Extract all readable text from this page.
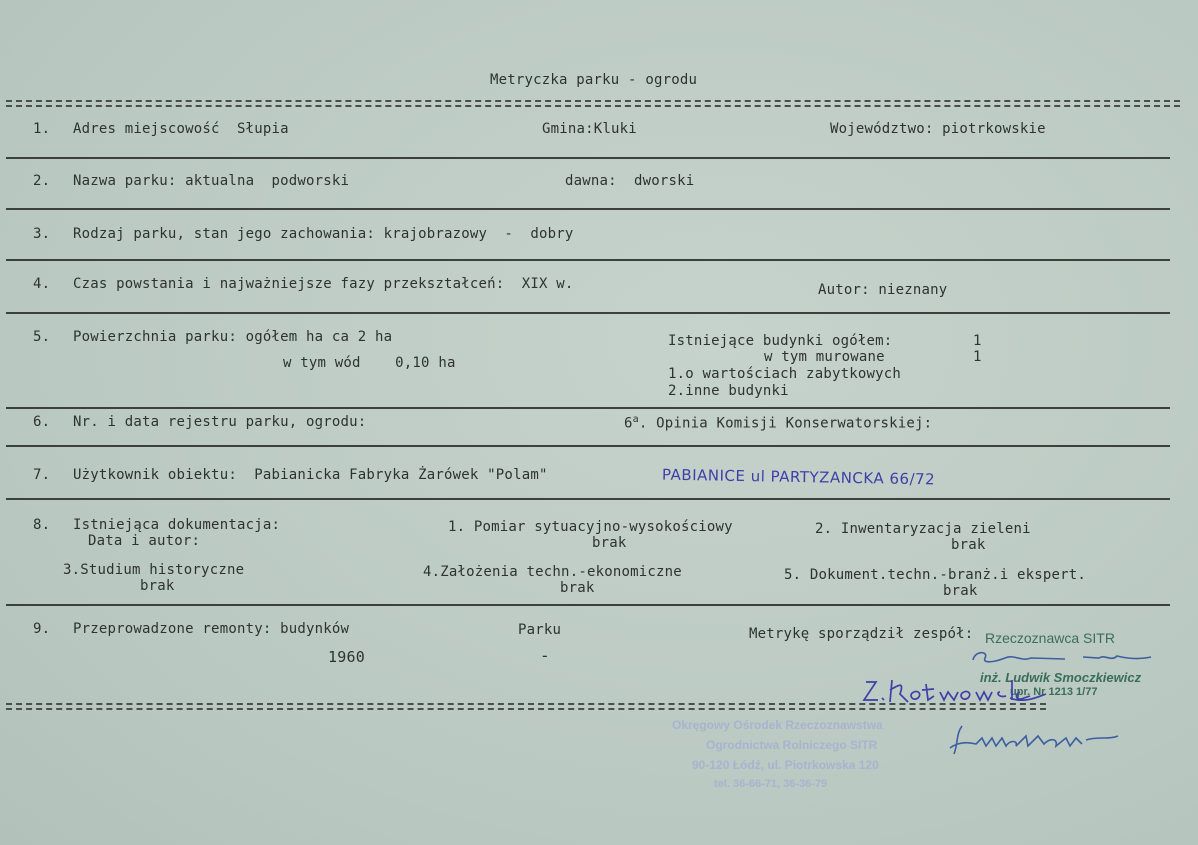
Metryczka parku - ogrodu
1. Adres miejscowość  Słupia	Gmina:Kluki	Województwo: piotrkowskie
2. Nazwa parku: aktualna  podworski	dawna:  dworski
3. Rodzaj parku, stan jego zachowania: krajobrazowy  -  dobry
4. Czas powstania i najważniejsze fazy przekształceń:  XIX w.	Autor: nieznany
5. Powierzchnia parku: ogółem ha ca 2 ha
w tym wód    0,10 ha
Istniejące budynki ogółem:	1
w tym murowane	1
1.o wartościach zabytkowych
2.inne budynki
6. Nr. i data rejestru parku, ogrodu:	6$^a$. Opinia Komisji Konserwatorskiej:
7. Użytkownik obiektu:  Pabianicka Fabryka Żarówek "Polam"	PABIANICE ul PARTYZANCKA 66/72
8. Istniejąca dokumentacja:
Data i autor:
1. Pomiar sytuacyjno-wysokościowy
brak
2. Inwentaryzacja zieleni
brak
3.Studium historyczne
brak
4.Założenia techn.-ekonomiczne
brak
5. Dokument.techn.-branż.i ekspert.
brak
9. Przeprowadzone remonty: budynków
1960
Parku
-
Metrykę sporządził zespół: Rzeczoznawca SITR
inż. Ludwik Smoczkiewicz
upr. Nr 1213 1/77
Okręgowy Ośrodek Rzeczoznawstwa
Ogrodnictwa Rolniczego SITR
90-120 Łódź, ul. Piotrkowska 120
tel. 36-66-71, 36-36-79
